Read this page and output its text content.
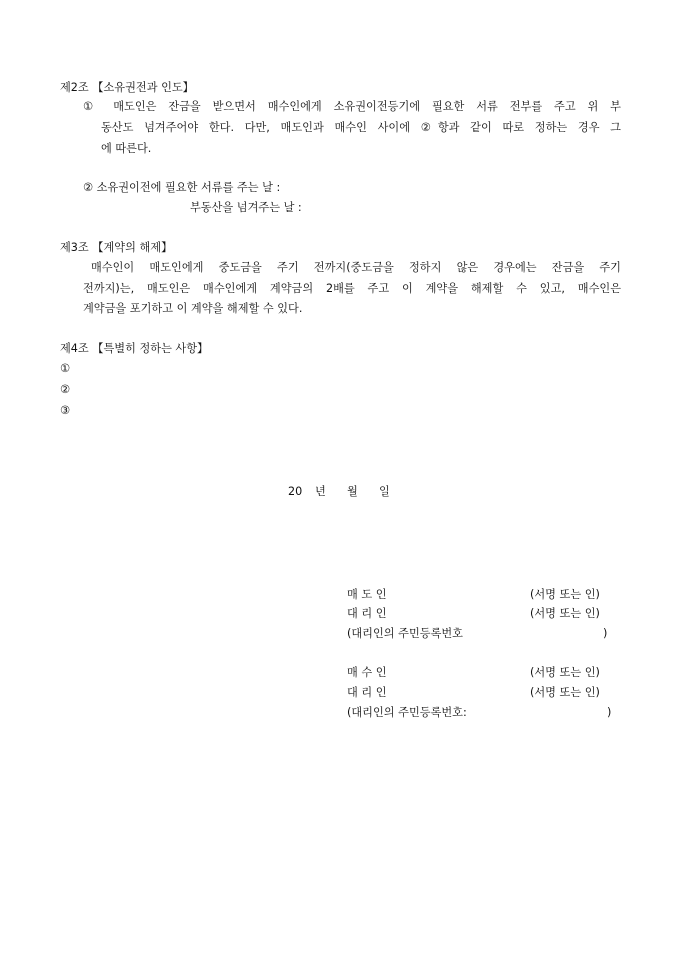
제2조 【소유권전과 인도】
① 매도인은 잔금을 받으면서 매수인에게 소유권이전등기에 필요한 서류 전부를 주고 위 부
동산도 넘겨주어야 한다. 다만, 매도인과 매수인 사이에 ②항과 같이 따로 정하는 경우 그
에 따른다.
② 소유권이전에 필요한 서류를 주는 날 :
부동산을 넘겨주는 날 :
제3조 【계약의 해제】
매수인이 매도인에게 중도금을 주기 전까지(중도금을 정하지 않은 경우에는 잔금을 주기
전까지)는, 매도인은 매수인에게 계약금의 2배를 주고 이 계약을 해제할 수 있고, 매수인은
계약금을 포기하고 이 계약을 해제할 수 있다.
제4조 【특별히 정하는 사항】
①
②
③
20 년 월 일
매 도 인	(서명 또는 인)
대 리 인	(서명 또는 인)
(대리인의 주민등록번호	)
매 수 인	(서명 또는 인)
대 리 인	(서명 또는 인)
(대리인의 주민등록번호:	)
